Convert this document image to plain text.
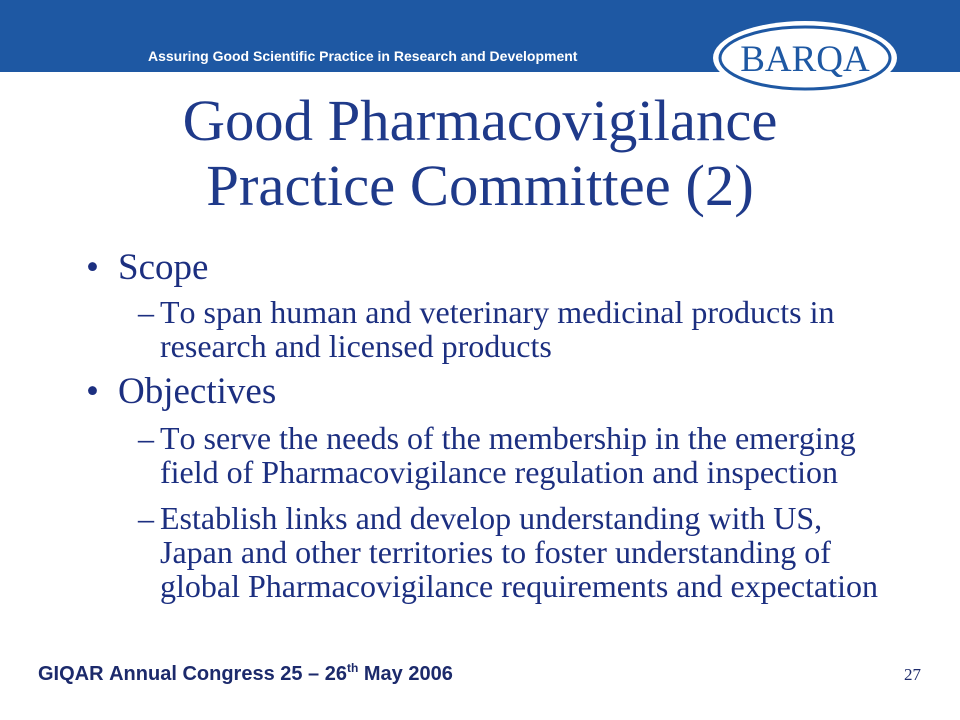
Assuring Good Scientific Practice in Research and Development	BARQA
Good Pharmacovigilance Practice Committee (2)
• Scope
– To span human and veterinary medicinal products in research and licensed products
• Objectives
– To serve the needs of the membership in the emerging field of Pharmacovigilance regulation and inspection
– Establish links and develop understanding with US, Japan and other territories to foster understanding of global Pharmacovigilance requirements and expectation
GIQAR Annual Congress 25 – 26th May 2006	27
